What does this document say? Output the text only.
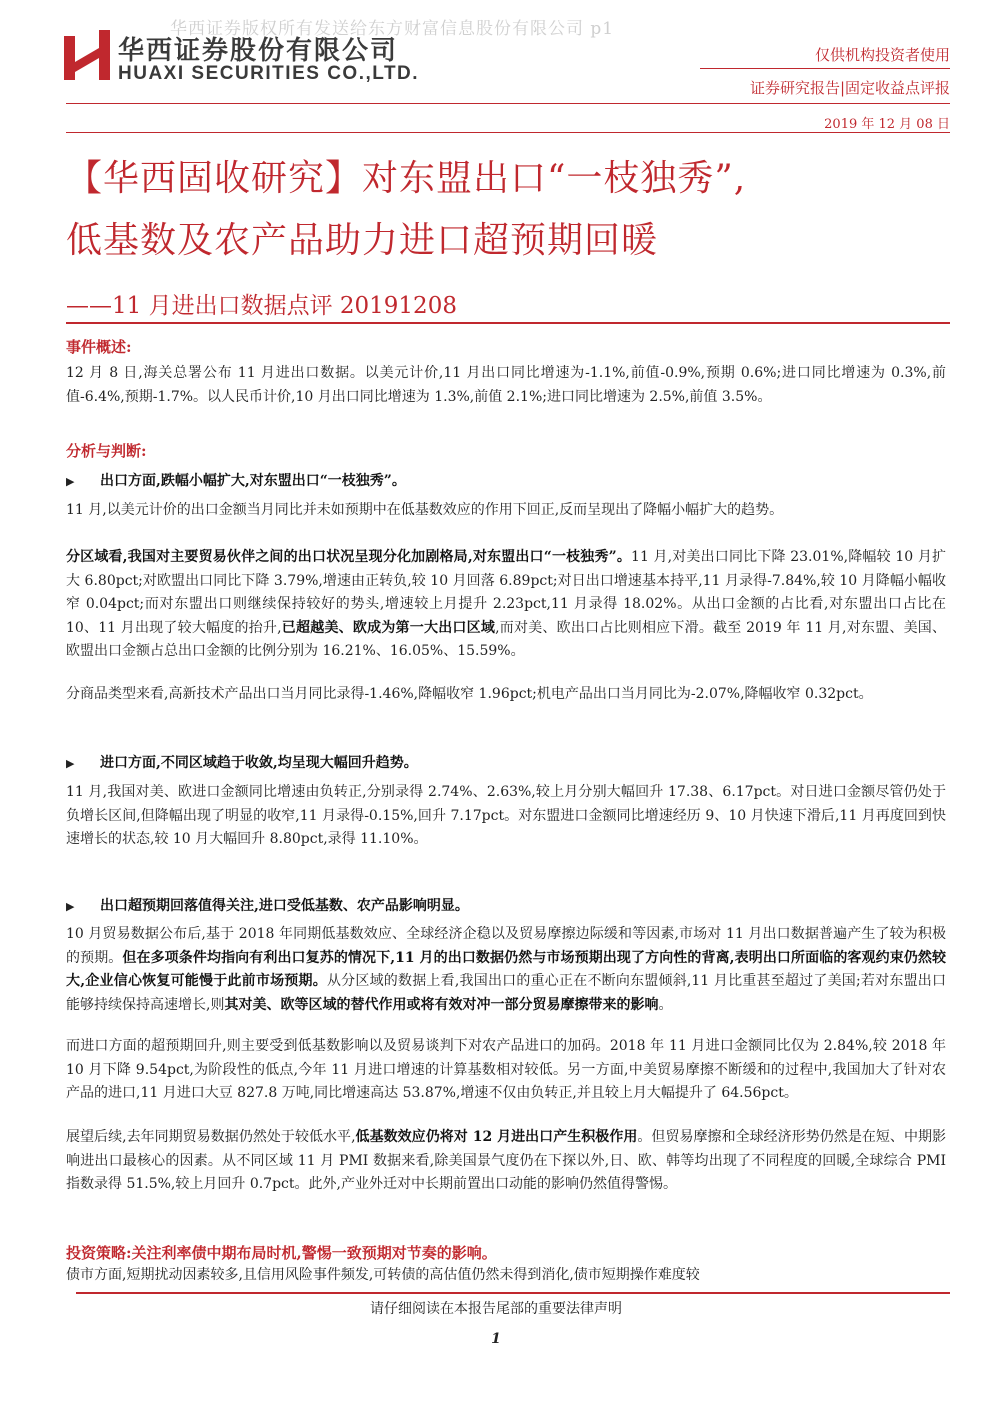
华西证券版权所有发送给东方财富信息股份有限公司 p1
华西证券股份有限公司
HUAXI SECURITIES CO.,LTD.
仅供机构投资者使用
证券研究报告|固定收益点评报
2019 年 12 月 08 日
【华西固收研究】对东盟出口“一枝独秀”,
低基数及农产品助力进口超预期回暖
——11 月进出口数据点评 20191208
事件概述:

12 月 8 日,海关总署公布 11 月进出口数据。以美元计价,11 月出口同比增速为-1.1%,前值-0.9%,预期 0.6%;进口同比增速为 0.3%,前值-6.4%,预期-1.7%。以人民币计价,10 月出口同比增速为 1.3%,前值 2.1%;进口同比增速为 2.5%,前值 3.5%。

分析与判断:
▶ 出口方面,跌幅小幅扩大,对东盟出口“一枝独秀”。

11 月,以美元计价的出口金额当月同比并未如预期中在低基数效应的作用下回正,反而呈现出了降幅小幅扩大的趋势。

分区域看,我国对主要贸易伙伴之间的出口状况呈现分化加剧格局,对东盟出口“一枝独秀”。11 月,对美出口同比下降 23.01%,降幅较 10 月扩大 6.80pct;对欧盟出口同比下降 3.79%,增速由正转负,较 10 月回落 6.89pct;对日出口增速基本持平,11 月录得-7.84%,较 10 月降幅小幅收窄 0.04pct;而对东盟出口则继续保持较好的势头,增速较上月提升 2.23pct,11 月录得 18.02%。从出口金额的占比看,对东盟出口占比在 10、11 月出现了较大幅度的抬升,已超越美、欧成为第一大出口区域,而对美、欧出口占比则相应下滑。截至 2019 年 11 月,对东盟、美国、欧盟出口金额占总出口金额的比例分别为 16.21%、16.05%、15.59%。

分商品类型来看,高新技术产品出口当月同比录得-1.46%,降幅收窄 1.96pct;机电产品出口当月同比为-2.07%,降幅收窄 0.32pct。

▶ 进口方面,不同区域趋于收敛,均呈现大幅回升趋势。

11 月,我国对美、欧进口金额同比增速由负转正,分别录得 2.74%、2.63%,较上月分别大幅回升 17.38、6.17pct。对日进口金额尽管仍处于负增长区间,但降幅出现了明显的收窄,11 月录得-0.15%,回升 7.17pct。对东盟进口金额同比增速经历 9、10 月快速下滑后,11 月再度回到快速增长的状态,较 10 月大幅回升 8.80pct,录得 11.10%。

▶ 出口超预期回落值得关注,进口受低基数、农产品影响明显。

10 月贸易数据公布后,基于 2018 年同期低基数效应、全球经济企稳以及贸易摩擦边际缓和等因素,市场对 11 月出口数据普遍产生了较为积极的预期。但在多项条件均指向有利出口复苏的情况下,11 月的出口数据仍然与市场预期出现了方向性的背离,表明出口所面临的客观约束仍然较大,企业信心恢复可能慢于此前市场预期。从分区域的数据上看,我国出口的重心正在不断向东盟倾斜,11 月比重甚至超过了美国;若对东盟出口能够持续保持高速增长,则其对美、欧等区域的替代作用或将有效对冲一部分贸易摩擦带来的影响。

而进口方面的超预期回升,则主要受到低基数影响以及贸易谈判下对农产品进口的加码。2018 年 11 月进口金额同比仅为 2.84%,较 2018 年 10 月下降 9.54pct,为阶段性的低点,今年 11 月进口增速的计算基数相对较低。另一方面,中美贸易摩擦不断缓和的过程中,我国加大了针对农产品的进口,11 月进口大豆 827.8 万吨,同比增速高达 53.87%,增速不仅由负转正,并且较上月大幅提升了 64.56pct。

展望后续,去年同期贸易数据仍然处于较低水平,低基数效应仍将对 12 月进出口产生积极作用。但贸易摩擦和全球经济形势仍然是在短、中期影响进出口最核心的因素。从不同区域 11 月 PMI 数据来看,除美国景气度仍在下探以外,日、欧、韩等均出现了不同程度的回暖,全球综合 PMI 指数录得 51.5%,较上月回升 0.7pct。此外,产业外迁对中长期前置出口动能的影响仍然值得警惕。

投资策略:关注利率债中期布局时机,警惕一致预期对节奏的影响。

债市方面,短期扰动因素较多,且信用风险事件频发,可转债的高估值仍然未得到消化,债市短期操作难度较

请仔细阅读在本报告尾部的重要法律声明
1
